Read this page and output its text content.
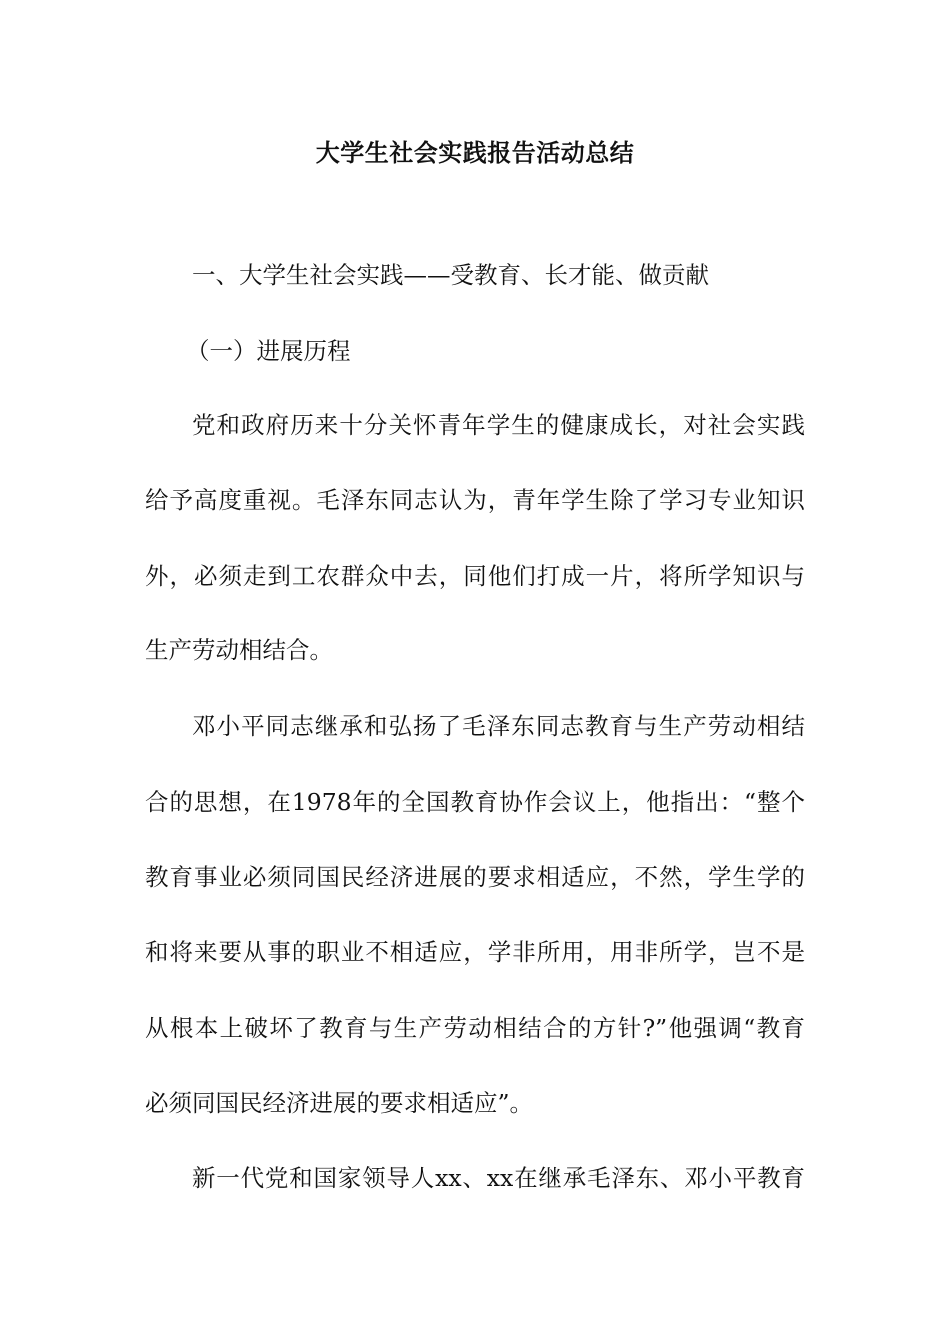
大学生社会实践报告活动总结
一、大学生社会实践——受教育、长才能、做贡献
（一）进展历程
党和政府历来十分关怀青年学生的健康成长，对社会实践
给予高度重视。毛泽东同志认为，青年学生除了学习专业知识
外，必须走到工农群众中去，同他们打成一片，将所学知识与
生产劳动相结合。
邓小平同志继承和弘扬了毛泽东同志教育与生产劳动相结
合的思想，在1978年的全国教育协作会议上，他指出：“整个
教育事业必须同国民经济进展的要求相适应，不然，学生学的
和将来要从事的职业不相适应，学非所用，用非所学，岂不是
从根本上破坏了教育与生产劳动相结合的方针?”他强调“教育
必须同国民经济进展的要求相适应”。
新一代党和国家领导人xx、xx在继承毛泽东、邓小平教育
